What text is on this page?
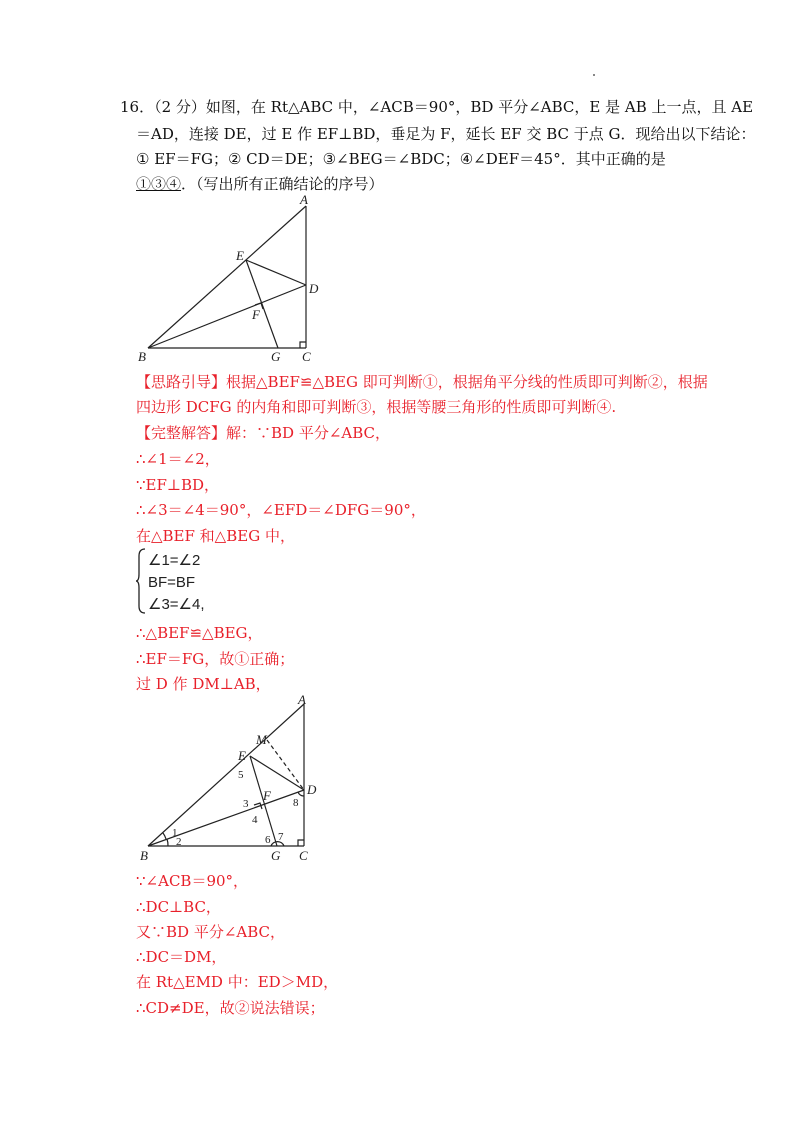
16．（2 分）如图，在 Rt△ABC 中，∠ACB＝90°，BD 平分∠ABC，E 是 AB 上一点，且 AE
＝AD，连接 DE，过 E 作 EF⊥BD，垂足为 F，延长 EF 交 BC 于点 G．现给出以下结论：
① EF＝FG；② CD＝DE；③∠BEG＝∠BDC；④∠DEF＝45°．其中正确的是
①③④．（写出所有正确结论的序号）
A
B	C
D
E
F
G
【思路引导】根据△BEF≌△BEG 即可判断①，根据角平分线的性质即可判断②，根据
四边形 DCFG 的内角和即可判断③，根据等腰三角形的性质即可判断④.
【完整解答】解：∵BD 平分∠ABC，
∴∠1＝∠2，
∵EF⊥BD，
∴∠3＝∠4＝90°，∠EFD＝∠DFG＝90°，
在△BEF 和△BEG 中，
∠1=∠2
BF=BF
∠3=∠4,
∴△BEF≌△BEG，
∴EF＝FG，故①正确；
过 D 作 DM⊥AB，
A
B	C
D
E
F
G
M
1
2
3
4
5
6 7
8
∵∠ACB＝90°，
∴DC⊥BC，
又∵BD 平分∠ABC，
∴DC＝DM，
在 Rt△EMD 中：ED＞MD，
∴CD≠DE，故②说法错误；
